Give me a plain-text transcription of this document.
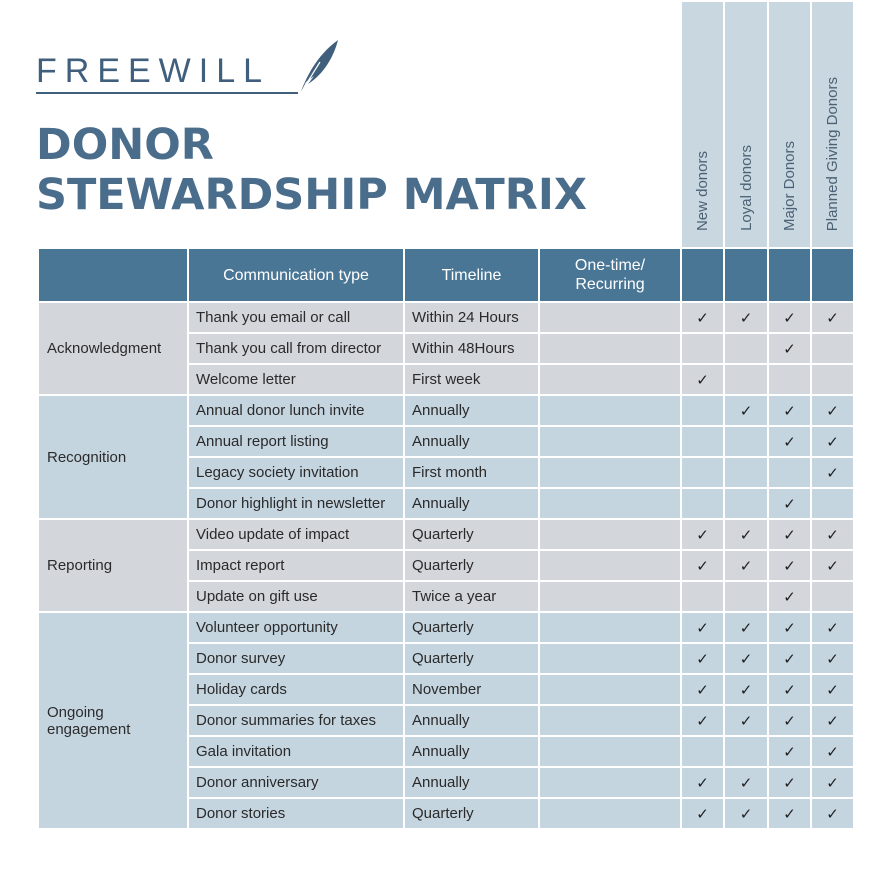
FREEWILL
DONOR
STEWARDSHIP MATRIX
				New donors	Loyal donors	Major Donors	Planned Giving Donors
	Communication type	Timeline	One-time/ Recurring				
Acknowledgment	Thank you email or call	Within 24 Hours		✓	✓	✓	✓
	Thank you call from director	Within 48Hours				✓	
	Welcome letter	First week		✓			
Recognition	Annual donor lunch invite	Annually			✓	✓	✓
	Annual report listing	Annually				✓	✓
	Legacy society invitation	First month					✓
	Donor highlight in newsletter	Annually				✓	
Reporting	Video update of impact	Quarterly		✓	✓	✓	✓
	Impact report	Quarterly		✓	✓	✓	✓
	Update on gift use	Twice a year				✓	
Ongoing engagement	Volunteer opportunity	Quarterly		✓	✓	✓	✓
	Donor survey	Quarterly		✓	✓	✓	✓
	Holiday cards	November		✓	✓	✓	✓
	Donor summaries for taxes	Annually		✓	✓	✓	✓
	Gala invitation	Annually				✓	✓
	Donor anniversary	Annually		✓	✓	✓	✓
	Donor stories	Quarterly		✓	✓	✓	✓
